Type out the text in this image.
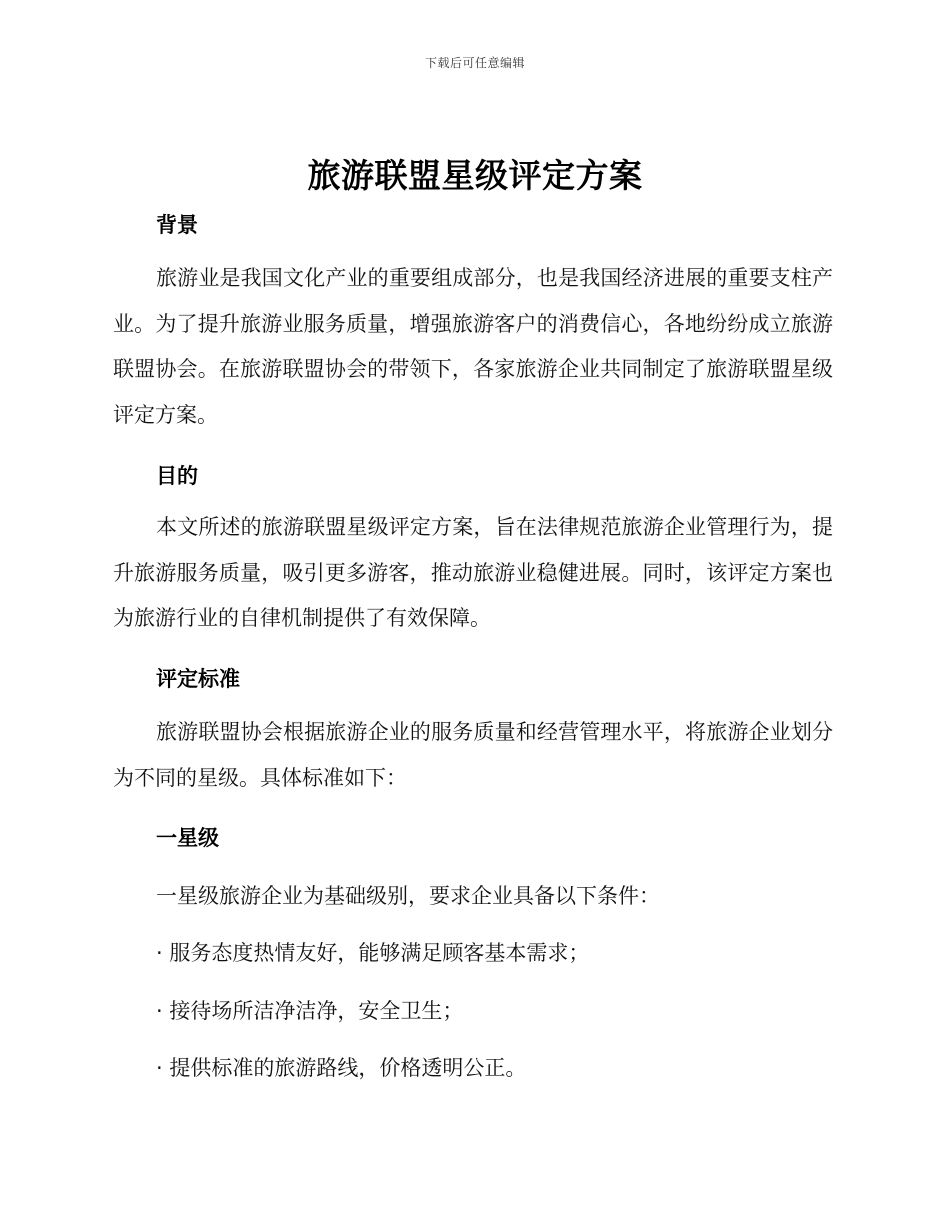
下载后可任意编辑
旅游联盟星级评定方案
背景
旅游业是我国文化产业的重要组成部分，也是我国经济进展的重要支柱产业。为了提升旅游业服务质量，增强旅游客户的消费信心，各地纷纷成立旅游联盟协会。在旅游联盟协会的带领下，各家旅游企业共同制定了旅游联盟星级评定方案。
目的
本文所述的旅游联盟星级评定方案，旨在法律规范旅游企业管理行为，提升旅游服务质量，吸引更多游客，推动旅游业稳健进展。同时，该评定方案也为旅游行业的自律机制提供了有效保障。
评定标准
旅游联盟协会根据旅游企业的服务质量和经营管理水平，将旅游企业划分为不同的星级。具体标准如下：
一星级
一星级旅游企业为基础级别，要求企业具备以下条件：
· 服务态度热情友好，能够满足顾客基本需求；
· 接待场所洁净洁净，安全卫生；
· 提供标准的旅游路线，价格透明公正。
